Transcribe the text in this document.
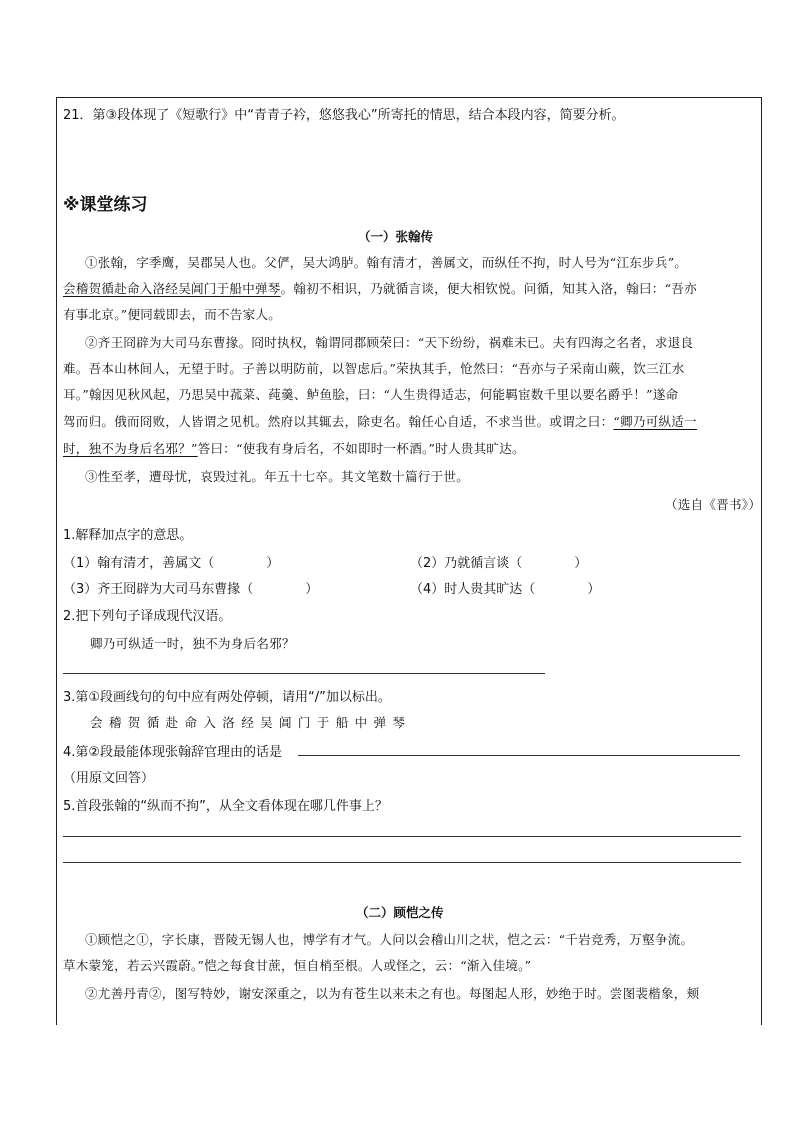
21．第③段体现了《短歌行》中“青青子衿，悠悠我心”所寄托的情思，结合本段内容，简要分析。
※课堂练习
（一）张翰传
①张翰，字季鹰，吴郡吴人也。父俨，吴大鸿胪。翰有清才，善属文，而纵任不拘，时人号为“江东步兵”。
会稽贺循赴命入洛经吴阊门于船中弹琴。翰初不相识，乃就循言谈，便大相钦悦。问循，知其入洛，翰曰：“吾亦
有事北京。”便同载即去，而不告家人。
②齐王冏辟为大司马东曹掾。冏时执权，翰谓同郡顾荣曰：“天下纷纷，祸难未已。夫有四海之名者，求退良
难。吾本山林间人，无望于时。子善以明防前，以智虑后。”荣执其手，怆然曰：“吾亦与子采南山蕨，饮三江水
耳。”翰因见秋风起，乃思吴中菰菜、莼羹、鲈鱼脍，曰：“人生贵得适志，何能羁宦数千里以要名爵乎！”遂命
驾而归。俄而冏败，人皆谓之见机。然府以其辄去，除吏名。翰任心自适，不求当世。或谓之曰：“卿乃可纵适一
时，独不为身后名邪？”答曰：“使我有身后名，不如即时一杯酒。”时人贵其旷达。
③性至孝，遭母忧，哀毁过礼。年五十七卒。其文笔数十篇行于世。
（选自《晋书》）
1.解释加点字的意思。
（1）翰有清才，善属文（　　　　）	（2）乃就循言谈（　　　　）
（3）齐王冏辟为大司马东曹掾（　　　　）	（4）时人贵其旷达（　　　　）
2.把下列句子译成现代汉语。
卿乃可纵适一时，独不为身后名邪？
3.第①段画线句的句中应有两处停顿，请用“/”加以标出。
会稽贺循赴命入洛经吴阊门于船中弹琴
4.第②段最能体现张翰辞官理由的话是
（用原文回答）
5.首段张翰的“纵而不拘”，从全文看体现在哪几件事上？
（二）顾恺之传
①顾恺之①，字长康，晋陵无锡人也，博学有才气。人问以会稽山川之状，恺之云：“千岩竞秀，万壑争流。
草木蒙笼，若云兴霞蔚。”恺之每食甘蔗，恒自梢至根。人或怪之，云：“渐入佳境。”
②尤善丹青②，图写特妙，谢安深重之，以为有苍生以来未之有也。每图起人形，妙绝于时。尝图裴楷象，颊
